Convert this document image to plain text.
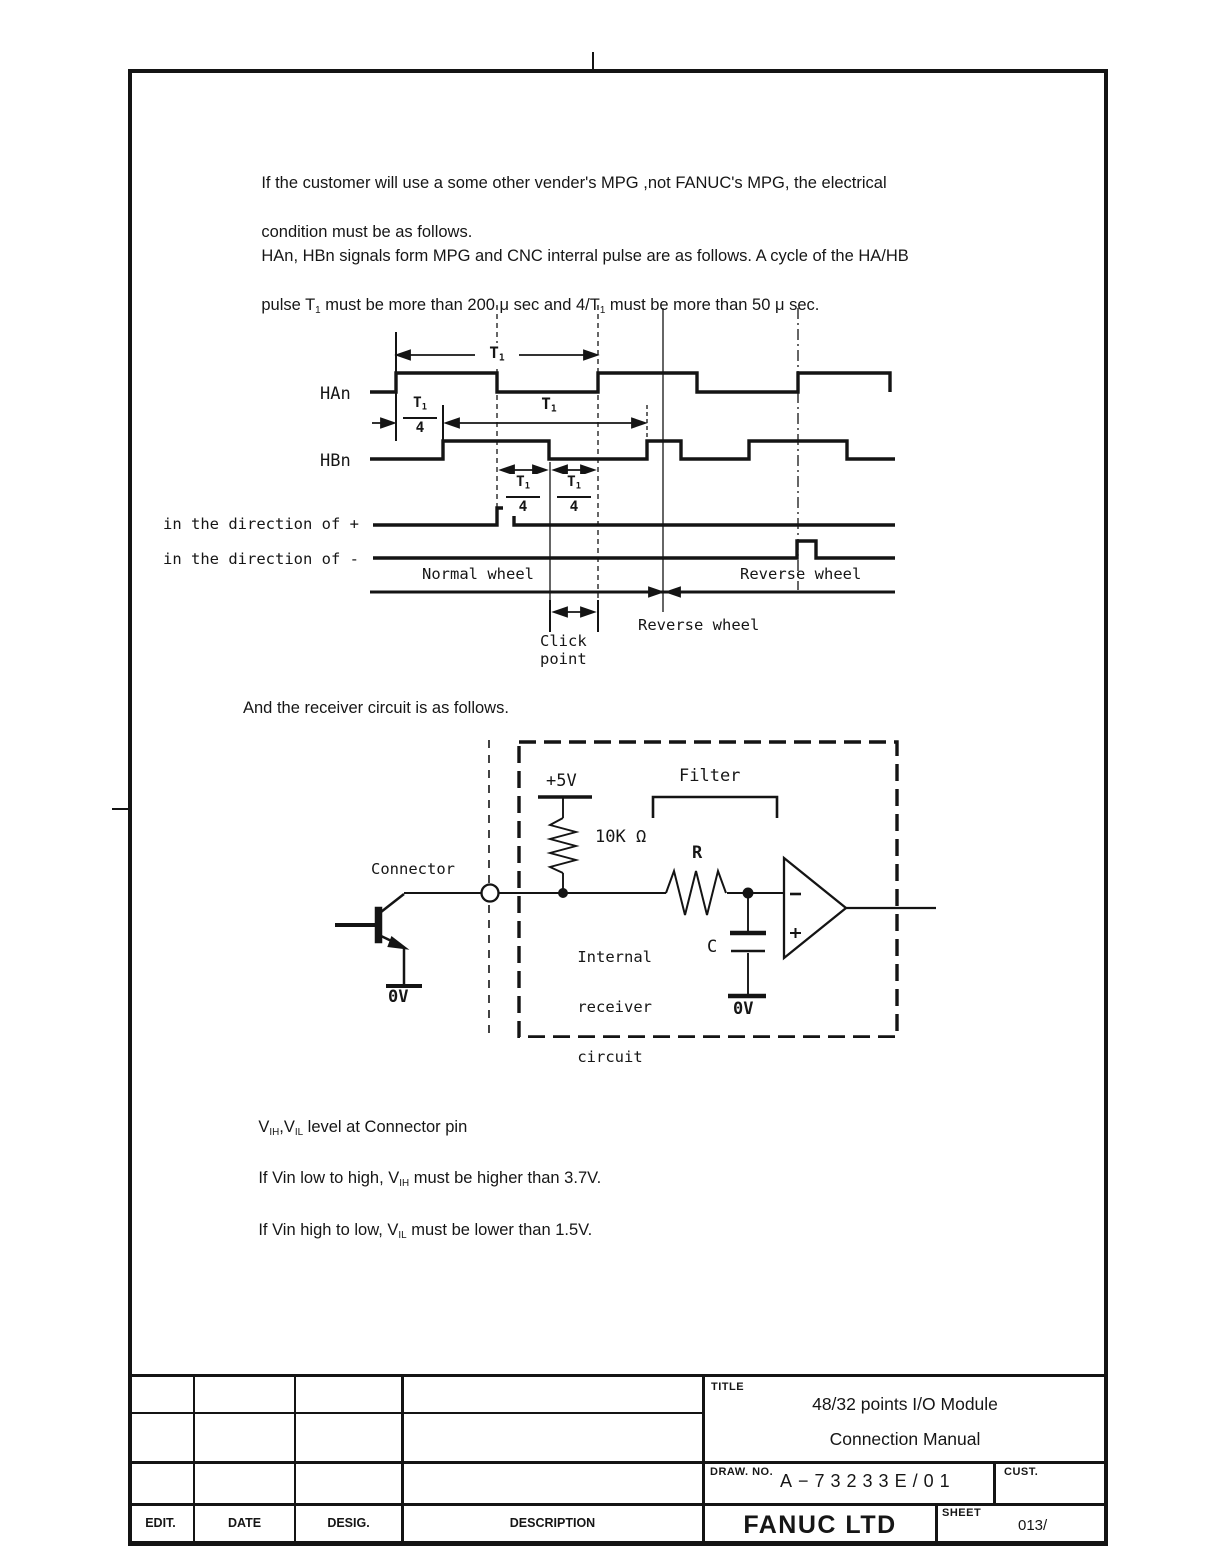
If the customer will use a some other vender's MPG ,not FANUC's MPG, the electrical

condition must be as follows.

HAn, HBn signals form MPG and CNC interral pulse are as follows. A cycle of the HA/HB

pulse $T_1$ must be more than 200 μ sec and $4/T_1$ must be more than 50 μ sec.

HAn
HBn
$T_1$
$T_1$
$T_1$
4
$T_1$
4
$T_1$
4
in the direction of +
in the direction of -
Normal wheel	Reverse wheel
Reverse wheel
Click
point
And the receiver circuit is as follows.
Connector
+5V	Filter
10K Ω
R

Internal

receiver

circuit

C
0V
0V

$V_{IH},V_{IL}$ level at Connector pin

If Vin low to high, $V_{IH}$ must be higher than 3.7V.

If Vin high to low, $V_{IL}$ must be lower than 1.5V.

TITLE
48/32 points I/O Module
Connection Manual
DRAW. NO. A−73233E/01	CUST.
EDIT.	DATE	DESIG.	DESCRIPTION	FANUC LTD	SHEET
013/
